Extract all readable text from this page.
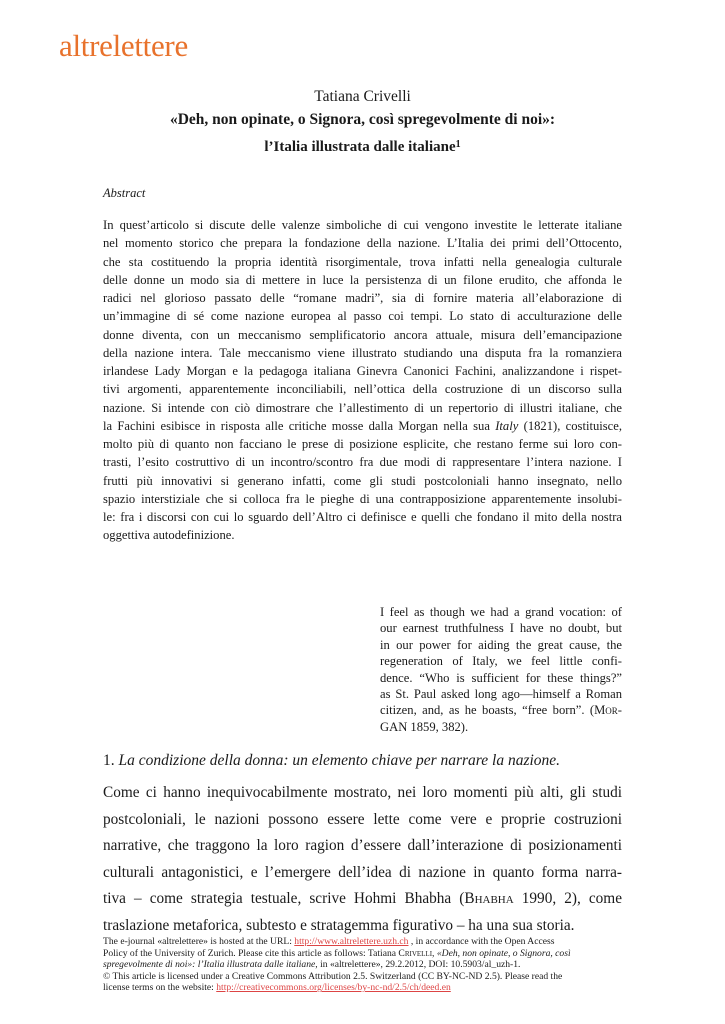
altrelettere
Tatiana Crivelli
«Deh, non opinate, o Signora, così spregevolmente di noi»:
l’Italia illustrata dalle italiane$^1$
Abstract
In quest’articolo si discute delle valenze simboliche di cui vengono investite le letterate italiane
nel momento storico che prepara la fondazione della nazione. L’Italia dei primi dell’Ottocento,
che sta costituendo la propria identità risorgimentale, trova infatti nella genealogia culturale
delle donne un modo sia di mettere in luce la persistenza di un filone erudito, che affonda le
radici nel glorioso passato delle “romane madri”, sia di fornire materia all’elaborazione di
un’immagine di sé come nazione europea al passo coi tempi. Lo stato di acculturazione delle
donne diventa, con un meccanismo semplificatorio ancora attuale, misura dell’emancipazione
della nazione intera. Tale meccanismo viene illustrato studiando una disputa fra la romanziera
irlandese Lady Morgan e la pedagoga italiana Ginevra Canonici Fachini, analizzandone i rispet-
tivi argomenti, apparentemente inconciliabili, nell’ottica della costruzione di un discorso sulla
nazione. Si intende con ciò dimostrare che l’allestimento di un repertorio di illustri italiane, che
la Fachini esibisce in risposta alle critiche mosse dalla Morgan nella sua Italy (1821), costituisce,
molto più di quanto non facciano le prese di posizione esplicite, che restano ferme sui loro con-
trasti, l’esito costruttivo di un incontro/scontro fra due modi di rappresentare l’intera nazione. I
frutti più innovativi si generano infatti, come gli studi postcoloniali hanno insegnato, nello
spazio interstiziale che si colloca fra le pieghe di una contrapposizione apparentemente insolubi-
le: fra i discorsi con cui lo sguardo dell’Altro ci definisce e quelli che fondano il mito della nostra
oggettiva autodefinizione.
I feel as though we had a grand vocation: of
our earnest truthfulness I have no doubt, but
in our power for aiding the great cause, the
regeneration of Italy, we feel little confi-
dence. “Who is sufficient for these things?”
as St. Paul asked long ago—himself a Roman
citizen, and, as he boasts, “free born”. (Mor-
GAN 1859, 382).
1. La condizione della donna: un elemento chiave per narrare la nazione.
Come ci hanno inequivocabilmente mostrato, nei loro momenti più alti, gli studi
postcoloniali, le nazioni possono essere lette come vere e proprie costruzioni
narrative, che traggono la loro ragion d’essere dall’interazione di posizionamenti
culturali antagonistici, e l’emergere dell’idea di nazione in quanto forma narra-
tiva – come strategia testuale, scrive Hohmi Bhabha (Bhabha 1990, 2), come
traslazione metaforica, subtesto e stratagemma figurativo – ha una sua storia.
The e-journal «altrelettere» is hosted at the URL: http://www.altrelettere.uzh.ch , in accordance with the Open Access
Policy of the University of Zurich. Please cite this article as follows: Tatiana Crivelli, «Deh, non opinate, o Signora, così
spregevolmente di noi»: l’Italia illustrata dalle italiane, in «altrelettere», 29.2.2012, DOI: 10.5903/al_uzh-1.
© This article is licensed under a Creative Commons Attribution 2.5. Switzerland (CC BY-NC-ND 2.5). Please read the
license terms on the website: http://creativecommons.org/licenses/by-nc-nd/2.5/ch/deed.en
